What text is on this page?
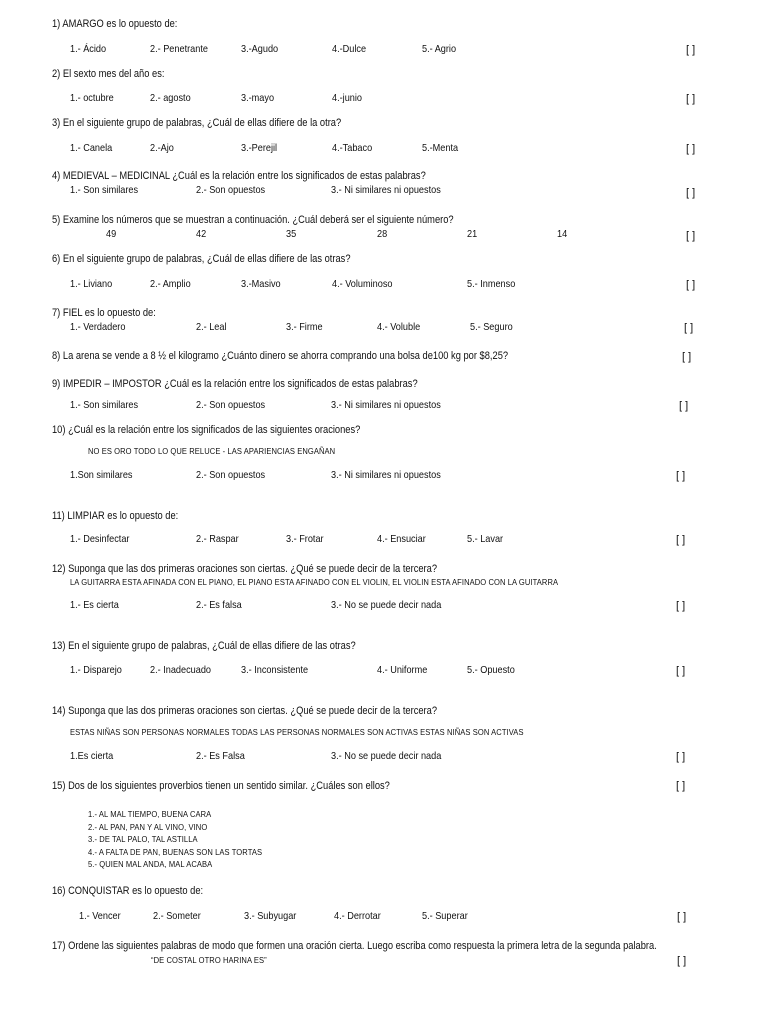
1) AMARGO es lo opuesto de:
1.- Ácido	2.- Penetrante	3.-Agudo	4.-Dulce	5.- Agrio	[ ]
2) El sexto mes del año es:
1.- octubre	2.- agosto	3.-mayo	4.-junio	[ ]
3) En el siguiente grupo de palabras, ¿Cuál de ellas difiere de la otra?
1.- Canela	2.-Ajo	3.-Perejil	4.-Tabaco	5.-Menta	[ ]
4) MEDIEVAL – MEDICINAL ¿Cuál es la relación entre los significados de estas palabras?
1.- Son similares	2.- Son opuestos	3.- Ni similares ni opuestos	[ ]
5) Examine los números que se muestran a continuación. ¿Cuál deberá ser el siguiente número?
49	42	35	28	21	14	[ ]
6) En el siguiente grupo de palabras, ¿Cuál de ellas difiere de las otras?
1.- Liviano	2.- Amplio	3.-Masivo	4.- Voluminoso	5.- Inmenso	[ ]
7) FIEL es lo opuesto de:
1.- Verdadero	2.- Leal	3.- Firme	4.- Voluble	5.- Seguro	[ ]
8) La arena se vende a 8 ½ el kilogramo ¿Cuánto dinero se ahorra comprando una bolsa de100 kg por $8,25?	[ ]
9) IMPEDIR – IMPOSTOR ¿Cuál es la relación entre los significados de estas palabras?
1.- Son similares	2.- Son opuestos	3.- Ni similares ni opuestos	[ ]
10) ¿Cuál es la relación entre los significados de las siguientes oraciones?
NO ES ORO TODO LO QUE RELUCE - LAS APARIENCIAS ENGAÑAN
1.Son similares	2.- Son opuestos	3.- Ni similares ni opuestos	[ ]
11) LIMPIAR es lo opuesto de:
1.- Desinfectar	2.- Raspar	3.- Frotar	4.- Ensuciar	5.- Lavar	[ ]
12) Suponga que las dos primeras oraciones son ciertas. ¿Qué se puede decir de la tercera?
LA GUITARRA ESTA AFINADA CON EL PIANO, EL PIANO ESTA AFINADO CON EL VIOLIN, EL VIOLIN ESTA AFINADO CON LA GUITARRA
1.- Es cierta	2.- Es falsa	3.- No se puede decir nada	[ ]
13) En el siguiente grupo de palabras, ¿Cuál de ellas difiere de las otras?
1.- Disparejo	2.- Inadecuado	3.- Inconsistente	4.- Uniforme	5.- Opuesto	[ ]
14) Suponga que las dos primeras oraciones son ciertas. ¿Qué se puede decir de la tercera?
ESTAS NIÑAS SON PERSONAS NORMALES TODAS LAS PERSONAS NORMALES SON ACTIVAS ESTAS NIÑAS SON ACTIVAS
1.Es cierta	2.- Es Falsa	3.- No se puede decir nada	[ ]
15) Dos de los siguientes proverbios tienen un sentido similar. ¿Cuáles son ellos?
1.- AL MAL TIEMPO, BUENA CARA
2.- AL PAN, PAN Y AL VINO, VINO
3.- DE TAL PALO, TAL ASTILLA
4.- A FALTA DE PAN, BUENAS SON LAS TORTAS
5.- QUIEN MAL ANDA, MAL ACABA
[ ]
16) CONQUISTAR es lo opuesto de:
1.- Vencer	2.- Someter	3.- Subyugar	4.- Derrotar	5.- Superar	[ ]
17) Ordene las siguientes palabras de modo que formen una oración cierta. Luego escriba como respuesta la primera letra de la segunda palabra.
“DE COSTAL OTRO HARINA ES”	[ ]
